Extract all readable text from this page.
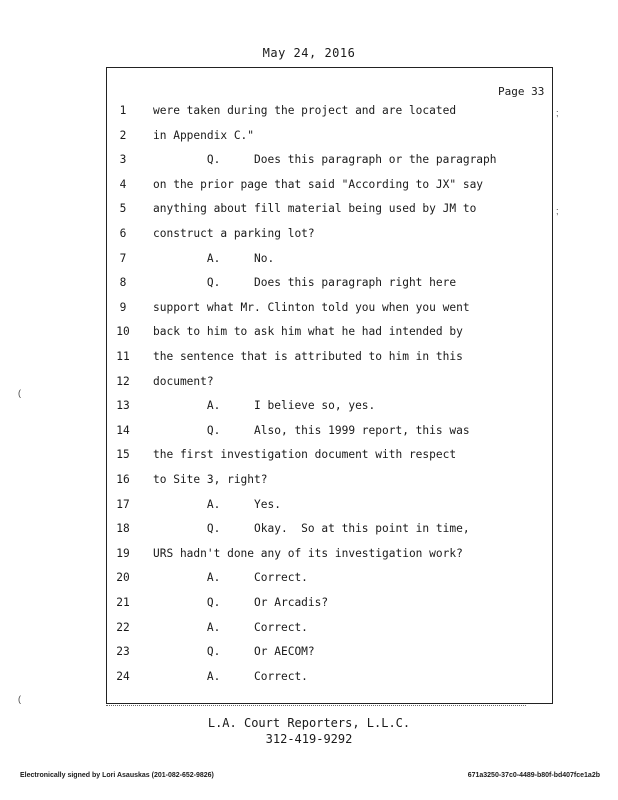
May 24, 2016
Page 33
1	were taken during the project and are located
2	in Appendix C."
3	Q.     Does this paragraph or the paragraph
4	on the prior page that said "According to JX" say
5	anything about fill material being used by JM to
6	construct a parking lot?
7	A.     No.
8	Q.     Does this paragraph right here
9	support what Mr. Clinton told you when you went
10	back to him to ask him what he had intended by
11	the sentence that is attributed to him in this
12	document?
13	A.     I believe so, yes.
14	Q.     Also, this 1999 report, this was
15	the first investigation document with respect
16	to Site 3, right?
17	A.     Yes.
18	Q.     Okay.  So at this point in time,
19	URS hadn't done any of its investigation work?
20	A.     Correct.
21	Q.     Or Arcadis?
22	A.     Correct.
23	Q.     Or AECOM?
24	A.     Correct.
L.A. Court Reporters, L.L.C.
312-419-9292
Electronically signed by Lori Asauskas (201-082-652-9826)	671a3250-37c0-4489-b80f-bd407fce1a2b
(
(
;
;
